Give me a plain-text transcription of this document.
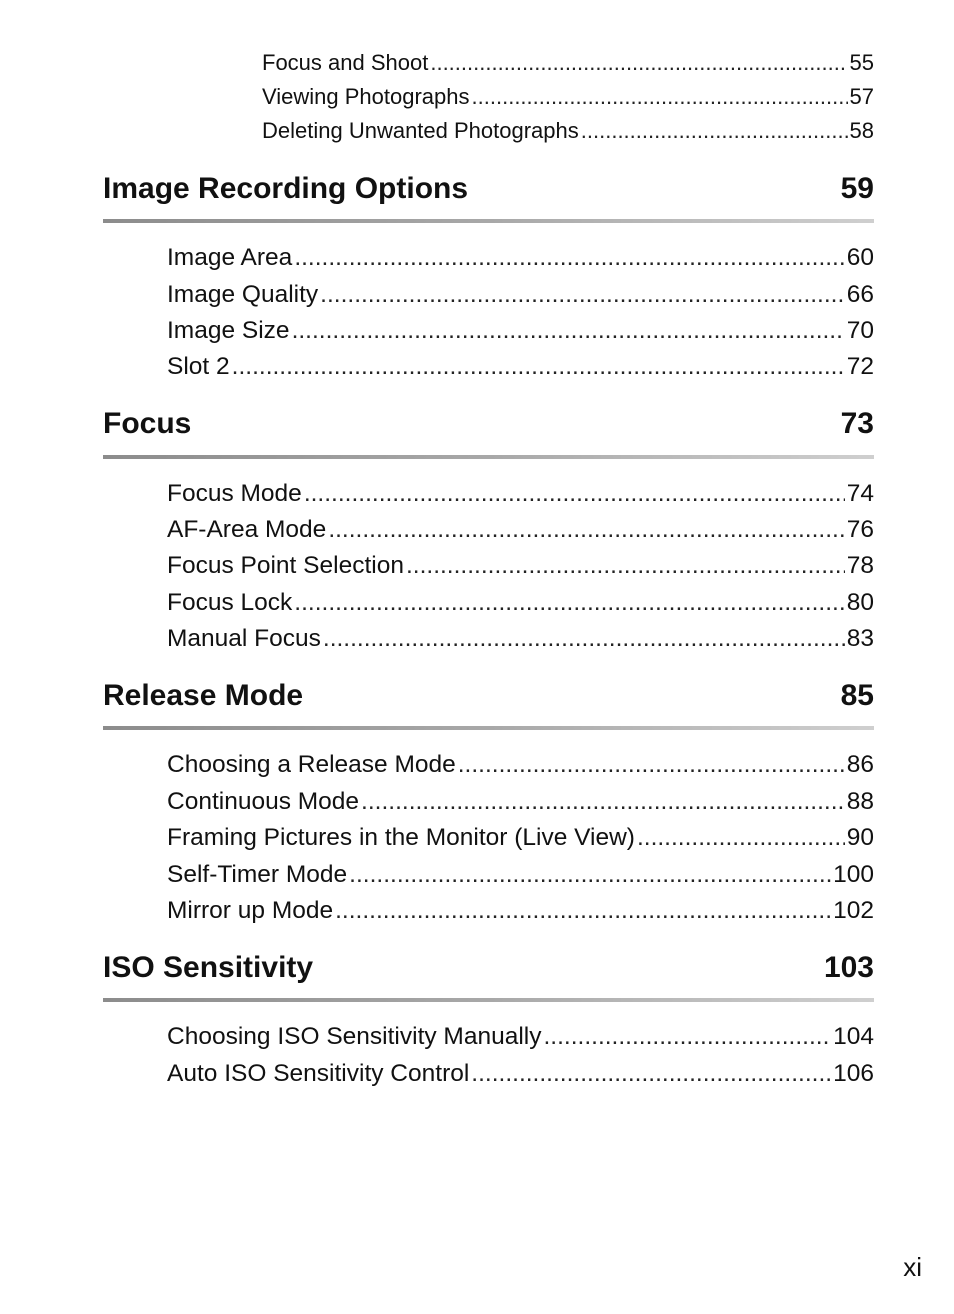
Focus and Shoot .....	55
Viewing Photographs .....	57
Deleting Unwanted Photographs .....	58
Image Recording Options	59
Image Area .....	60
Image Quality .....	66
Image Size .....	70
Slot 2 .....	72
Focus	73
Focus Mode .....	74
AF-Area Mode .....	76
Focus Point Selection .....	78
Focus Lock .....	80
Manual Focus .....	83
Release Mode	85
Choosing a Release Mode .....	86
Continuous Mode .....	88
Framing Pictures in the Monitor (Live View) .....	90
Self-Timer Mode .....	100
Mirror up Mode .....	102
ISO Sensitivity	103
Choosing ISO Sensitivity Manually .....	104
Auto ISO Sensitivity Control .....	106
xi
